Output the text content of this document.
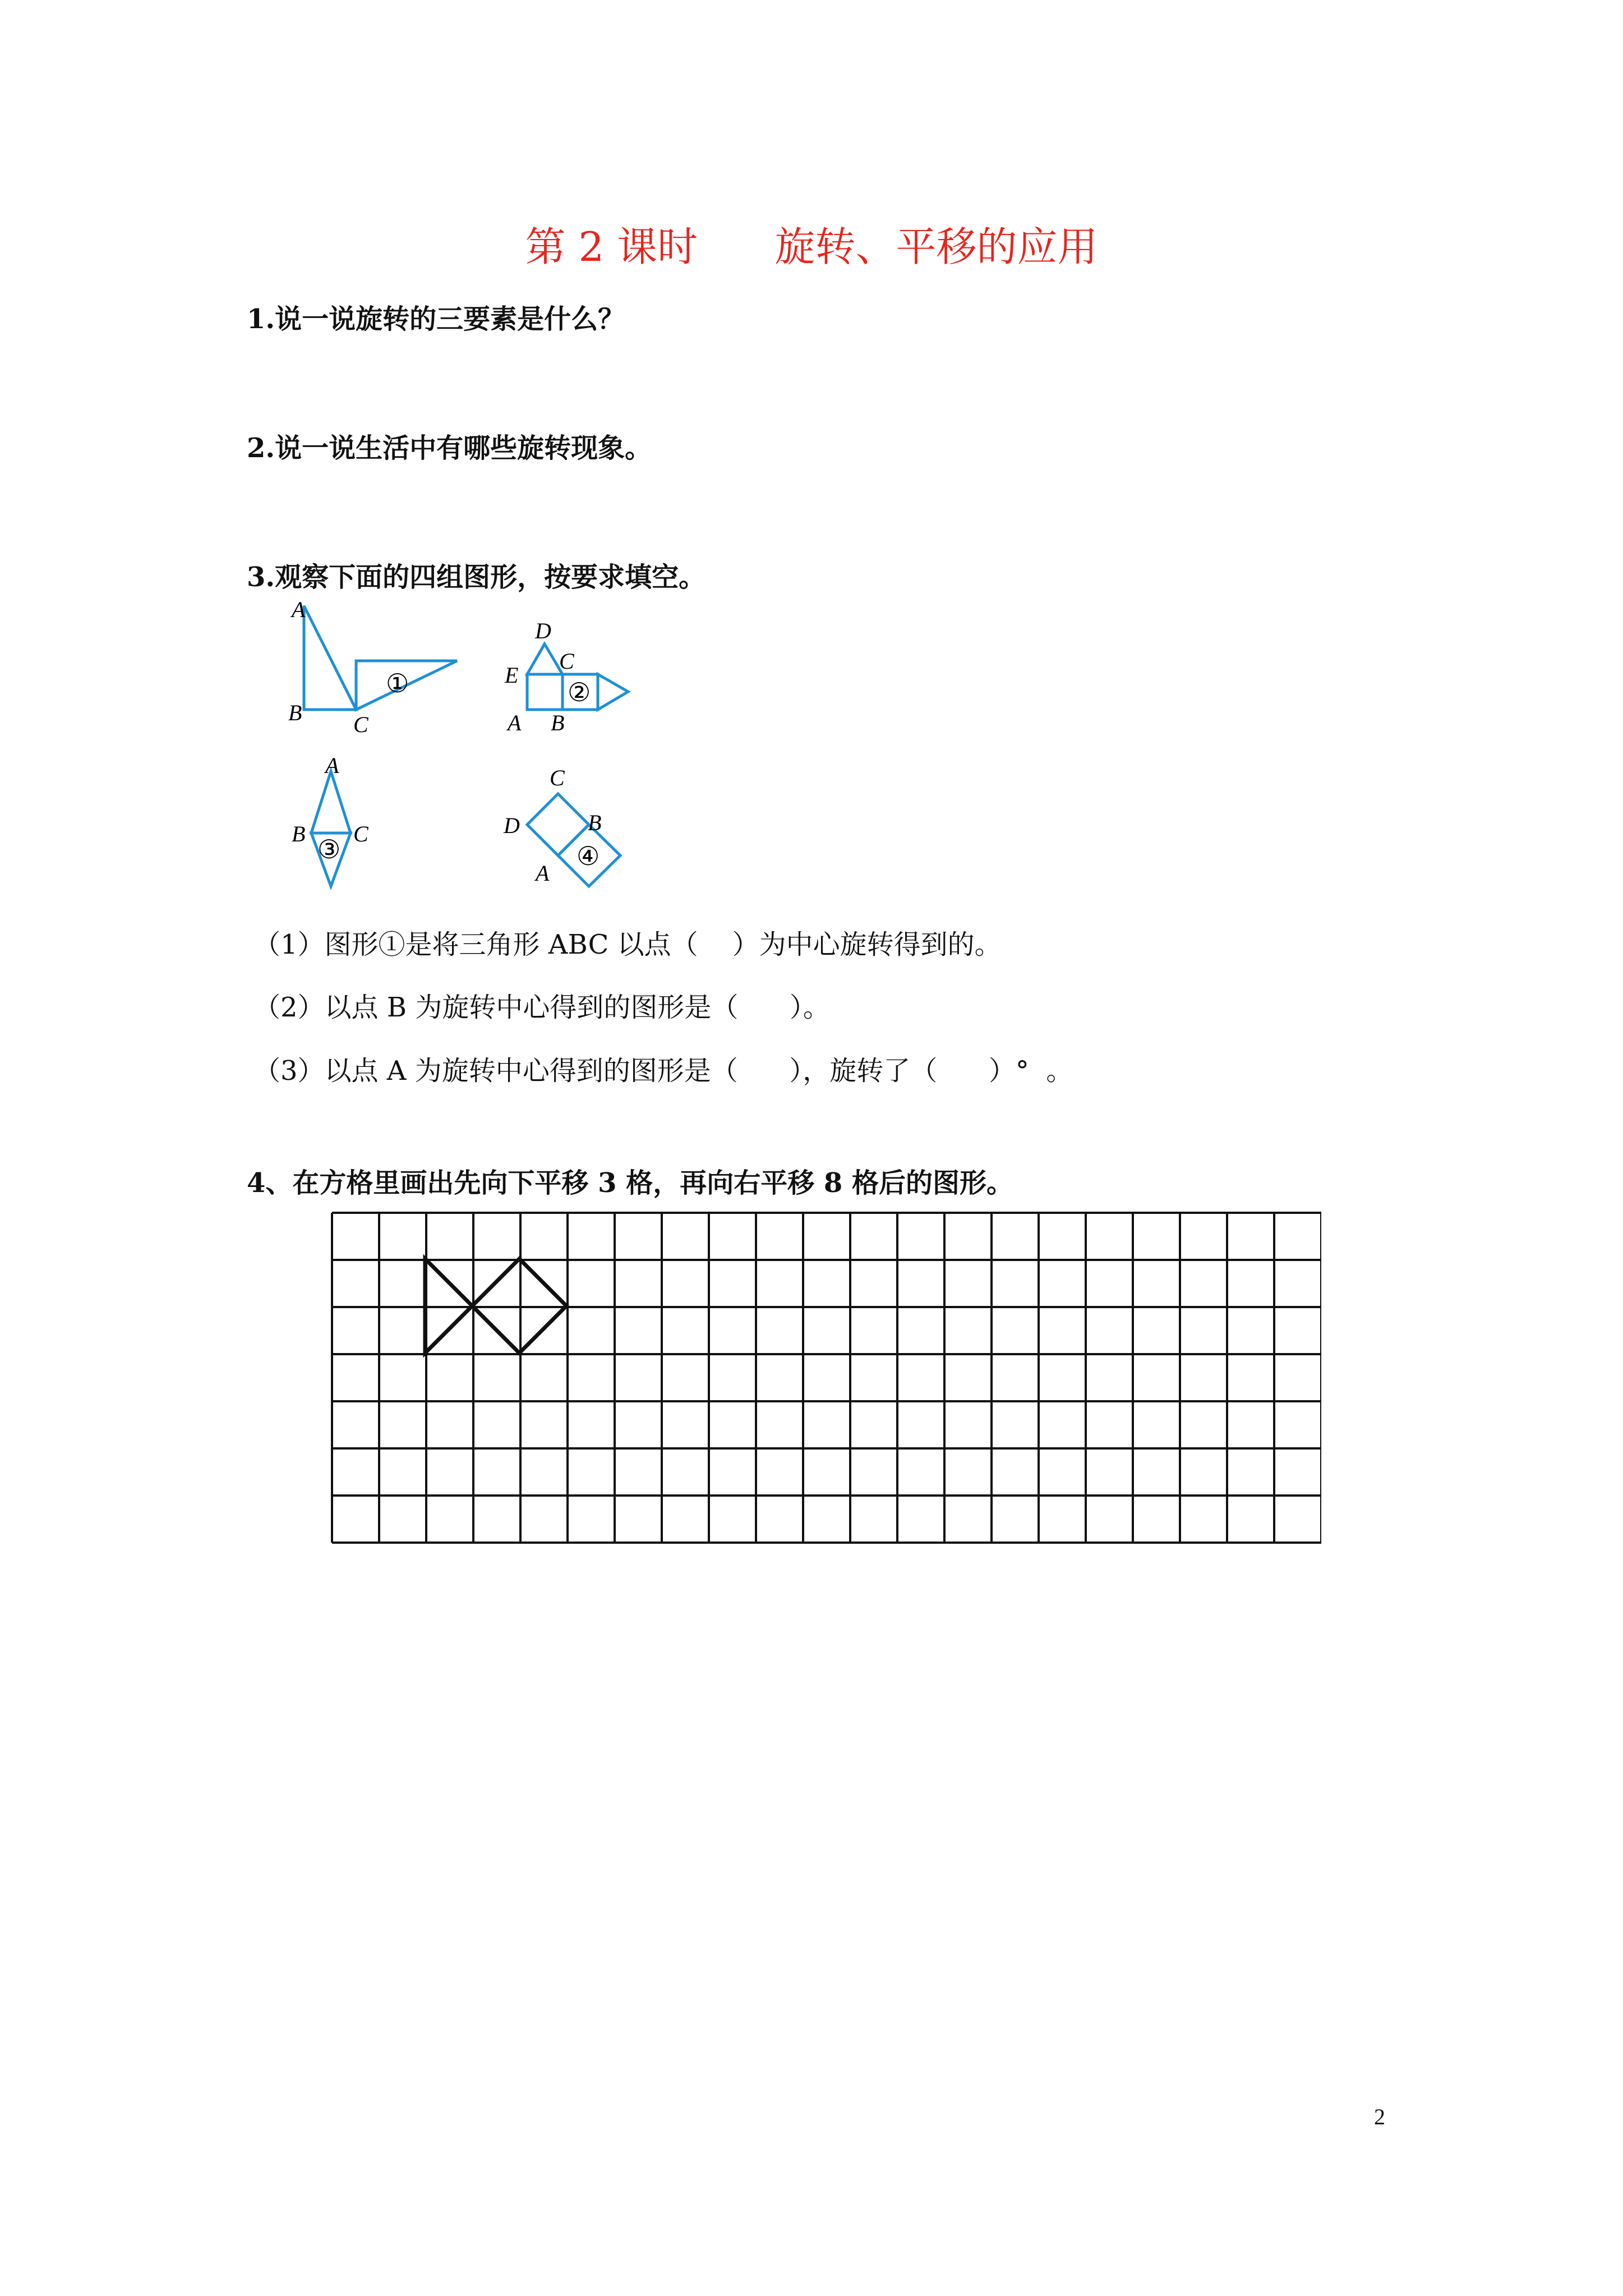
第 2 课时      旋转、平移的应用
1.说一说旋转的三要素是什么？
2.说一说生活中有哪些旋转现象。
3.观察下面的四组图形，按要求填空。
A
B C
①
D
C
E
A B
②
A
B C
③
C
D	B
A
④
（1）图形①是将三角形 ABC 以点（    ）为中心旋转得到的。
（2）以点 B 为旋转中心得到的图形是（      ）。
（3）以点 A 为旋转中心得到的图形是（      ），旋转了（      ）°  。
4、在方格里画出先向下平移 3 格，再向右平移 8 格后的图形。
2
